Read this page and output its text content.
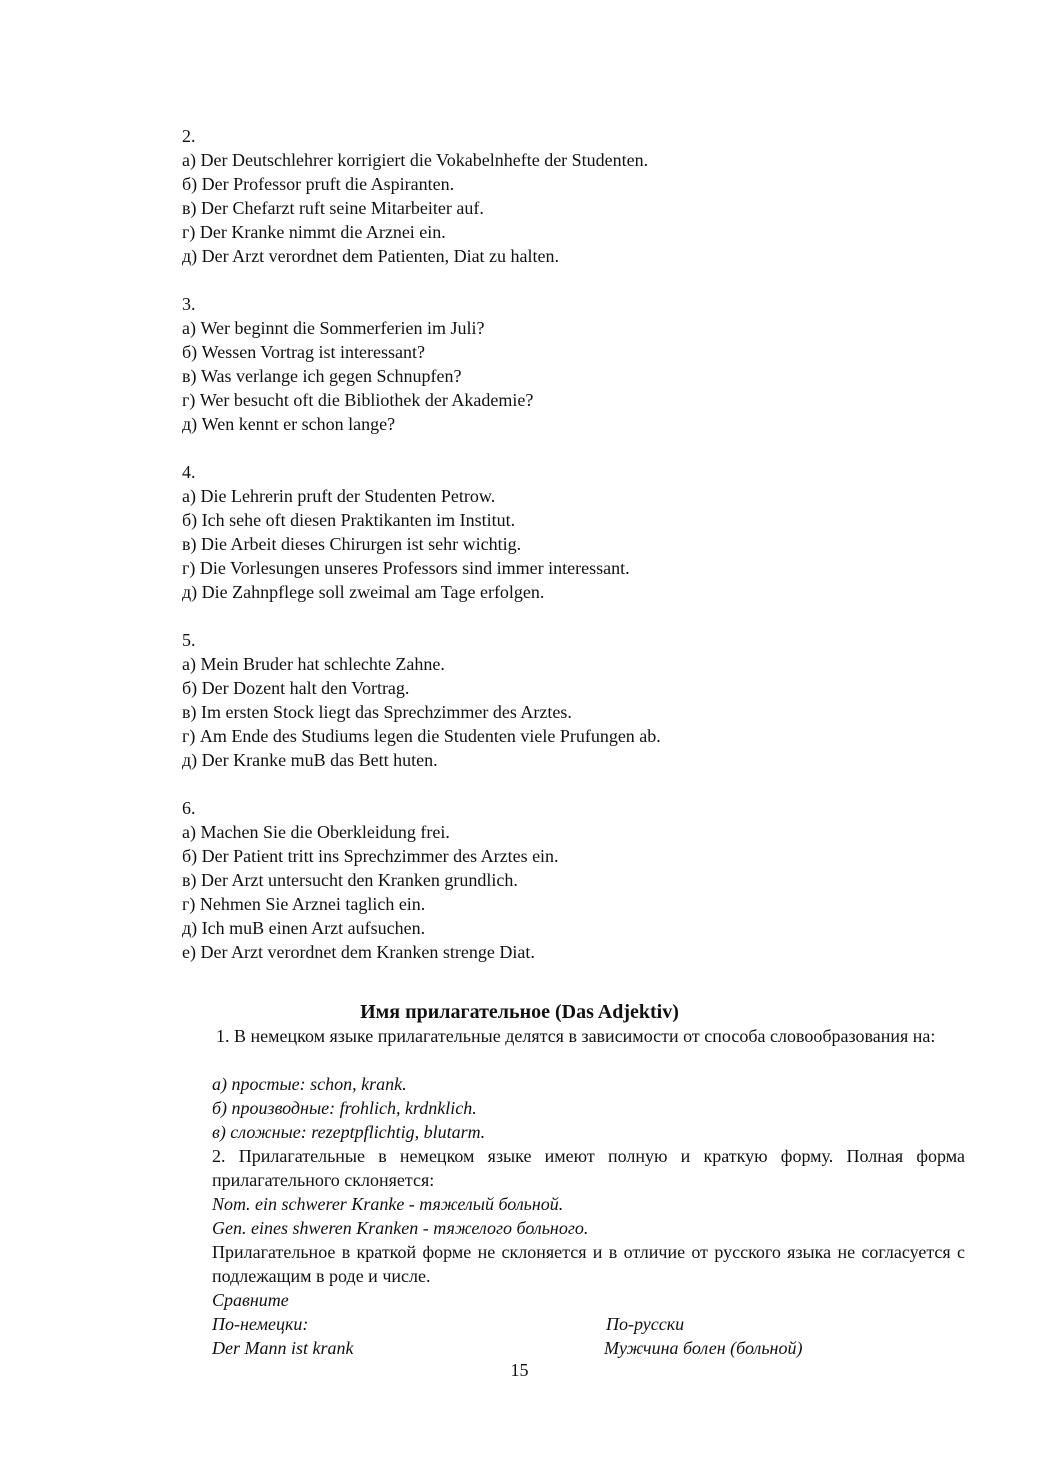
2.
а) Der Deutschlehrer korrigiert die Vokabelnhefte der Studenten.
б) Der Professor pruft die Aspiranten.
в) Der Chefarzt ruft seine Mitarbeiter auf.
г) Der Kranke nimmt die Arznei ein.
д) Der Arzt verordnet dem Patienten, Diat zu halten.
3.
а) Wer beginnt die Sommerferien im Juli?
б) Wessen Vortrag ist interessant?
в) Was verlange ich gegen Schnupfen?
г) Wer besucht oft die Bibliothek der Akademie?
д) Wen kennt er schon lange?
4.
а) Die Lehrerin pruft der Studenten Petrow.
б) Ich sehe oft diesen Praktikanten im Institut.
в) Die Arbeit dieses Chirurgen ist sehr wichtig.
г) Die Vorlesungen unseres Professors sind immer interessant.
д) Die Zahnpflege soll zweimal am Tage erfolgen.
5.
а) Mein Bruder hat schlechte Zahne.
б) Der Dozent halt den Vortrag.
в) Im ersten Stock liegt das Sprechzimmer des Arztes.
г) Am Ende des Studiums legen die Studenten viele Prufungen ab.
д) Der Kranke muB das Bett huten.
6.
а) Machen Sie die Oberkleidung frei.
б) Der Patient tritt ins Sprechzimmer des Arztes ein.
в) Der Arzt untersucht den Kranken grundlich.
г) Nehmen Sie Arznei taglich ein.
д) Ich muB einen Arzt aufsuchen.
е) Der Arzt verordnet dem Kranken strenge Diat.
Имя прилагательное (Das Adjektiv)

1. В немецком языке прилагательные делятся в зависимости от способа словообразования на:

а) простые: schon, krank.
б) производные: frohlich, krdnklich.
в) сложные: rezeptpflichtig, blutarm.

2. Прилагательные в немецком языке имеют полную и краткую форму. Полная форма прилагательного склоняется:

Nom. ein schwerer Kranke - тяжелый больной.
Gen. eines shweren Kranken - тяжелого больного.

Прилагательное в краткой форме не склоняется и в отличие от русского языка не согласуется с подлежащим в роде и числе.

Сравните
По-немецки:	По-русски
Der Mann ist krank	Мужчина болен (больной)
15
